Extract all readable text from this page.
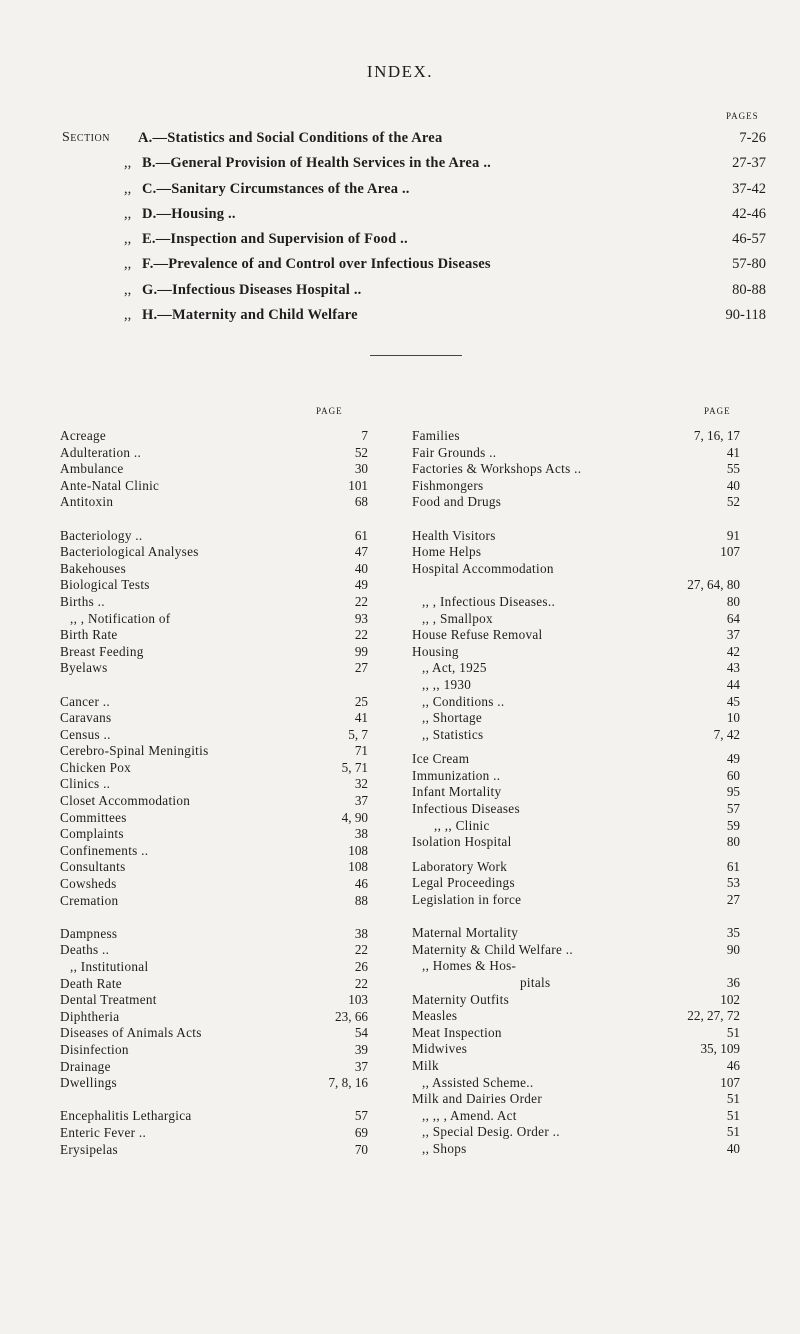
INDEX.
PAGES
Section	A.—Statistics and Social Conditions of the Area	7-26
,, B.—General Provision of Health Services in the Area ..	27-37
,, C.—Sanitary Circumstances of the Area ..	37-42
,, D.—Housing ..	42-46
,, E.—Inspection and Supervision of Food ..	46-57
,, F.—Prevalence of and Control over Infectious Diseases	57-80
,, G.—Infectious Diseases Hospital ..	80-88
,, H.—Maternity and Child Welfare	90-118
PAGE	PAGE
Acreage	7
Adulteration ..	52
Ambulance	30
Ante-Natal Clinic	101
Antitoxin	68
Bacteriology ..	61
Bacteriological Analyses	47
Bakehouses	40
Biological Tests	49
Births ..	22
,, , Notification of	93
Birth Rate	22
Breast Feeding	99
Byelaws	27
Cancer ..	25
Caravans	41
Census ..	5, 7
Cerebro-Spinal Meningitis	71
Chicken Pox	5, 71
Clinics ..	32
Closet Accommodation	37
Committees	4, 90
Complaints	38
Confinements ..	108
Consultants	108
Cowsheds	46
Cremation	88
Dampness	38
Deaths ..	22
,, Institutional	26
Death Rate	22
Dental Treatment	103
Diphtheria	23, 66
Diseases of Animals Acts	54
Disinfection	39
Drainage	37
Dwellings	7, 8, 16
Encephalitis Lethargica	57
Enteric Fever ..	69
Erysipelas	70
Families	7, 16, 17
Fair Grounds ..	41
Factories & Workshops Acts ..	55
Fishmongers	40
Food and Drugs	52
Health Visitors	91
Home Helps	107
Hospital Accommodation
27, 64, 80
,, , Infectious Diseases..	80
,, , Smallpox	64
House Refuse Removal	37
Housing	42
,, Act, 1925	43
,, ,, 1930	44
,, Conditions ..	45
,, Shortage	10
,, Statistics	7, 42
Ice Cream	49
Immunization ..	60
Infant Mortality	95
Infectious Diseases	57
,, ,, Clinic	59
Isolation Hospital	80
Laboratory Work	61
Legal Proceedings	53
Legislation in force	27
Maternal Mortality	35
Maternity & Child Welfare ..	90
,, Homes & Hos-
pitals	36
Maternity Outfits	102
Measles	22, 27, 72
Meat Inspection	51
Midwives	35, 109
Milk	46
,, Assisted Scheme..	107
Milk and Dairies Order	51
,, ,, , Amend. Act	51
,, Special Desig. Order ..	51
,, Shops	40
